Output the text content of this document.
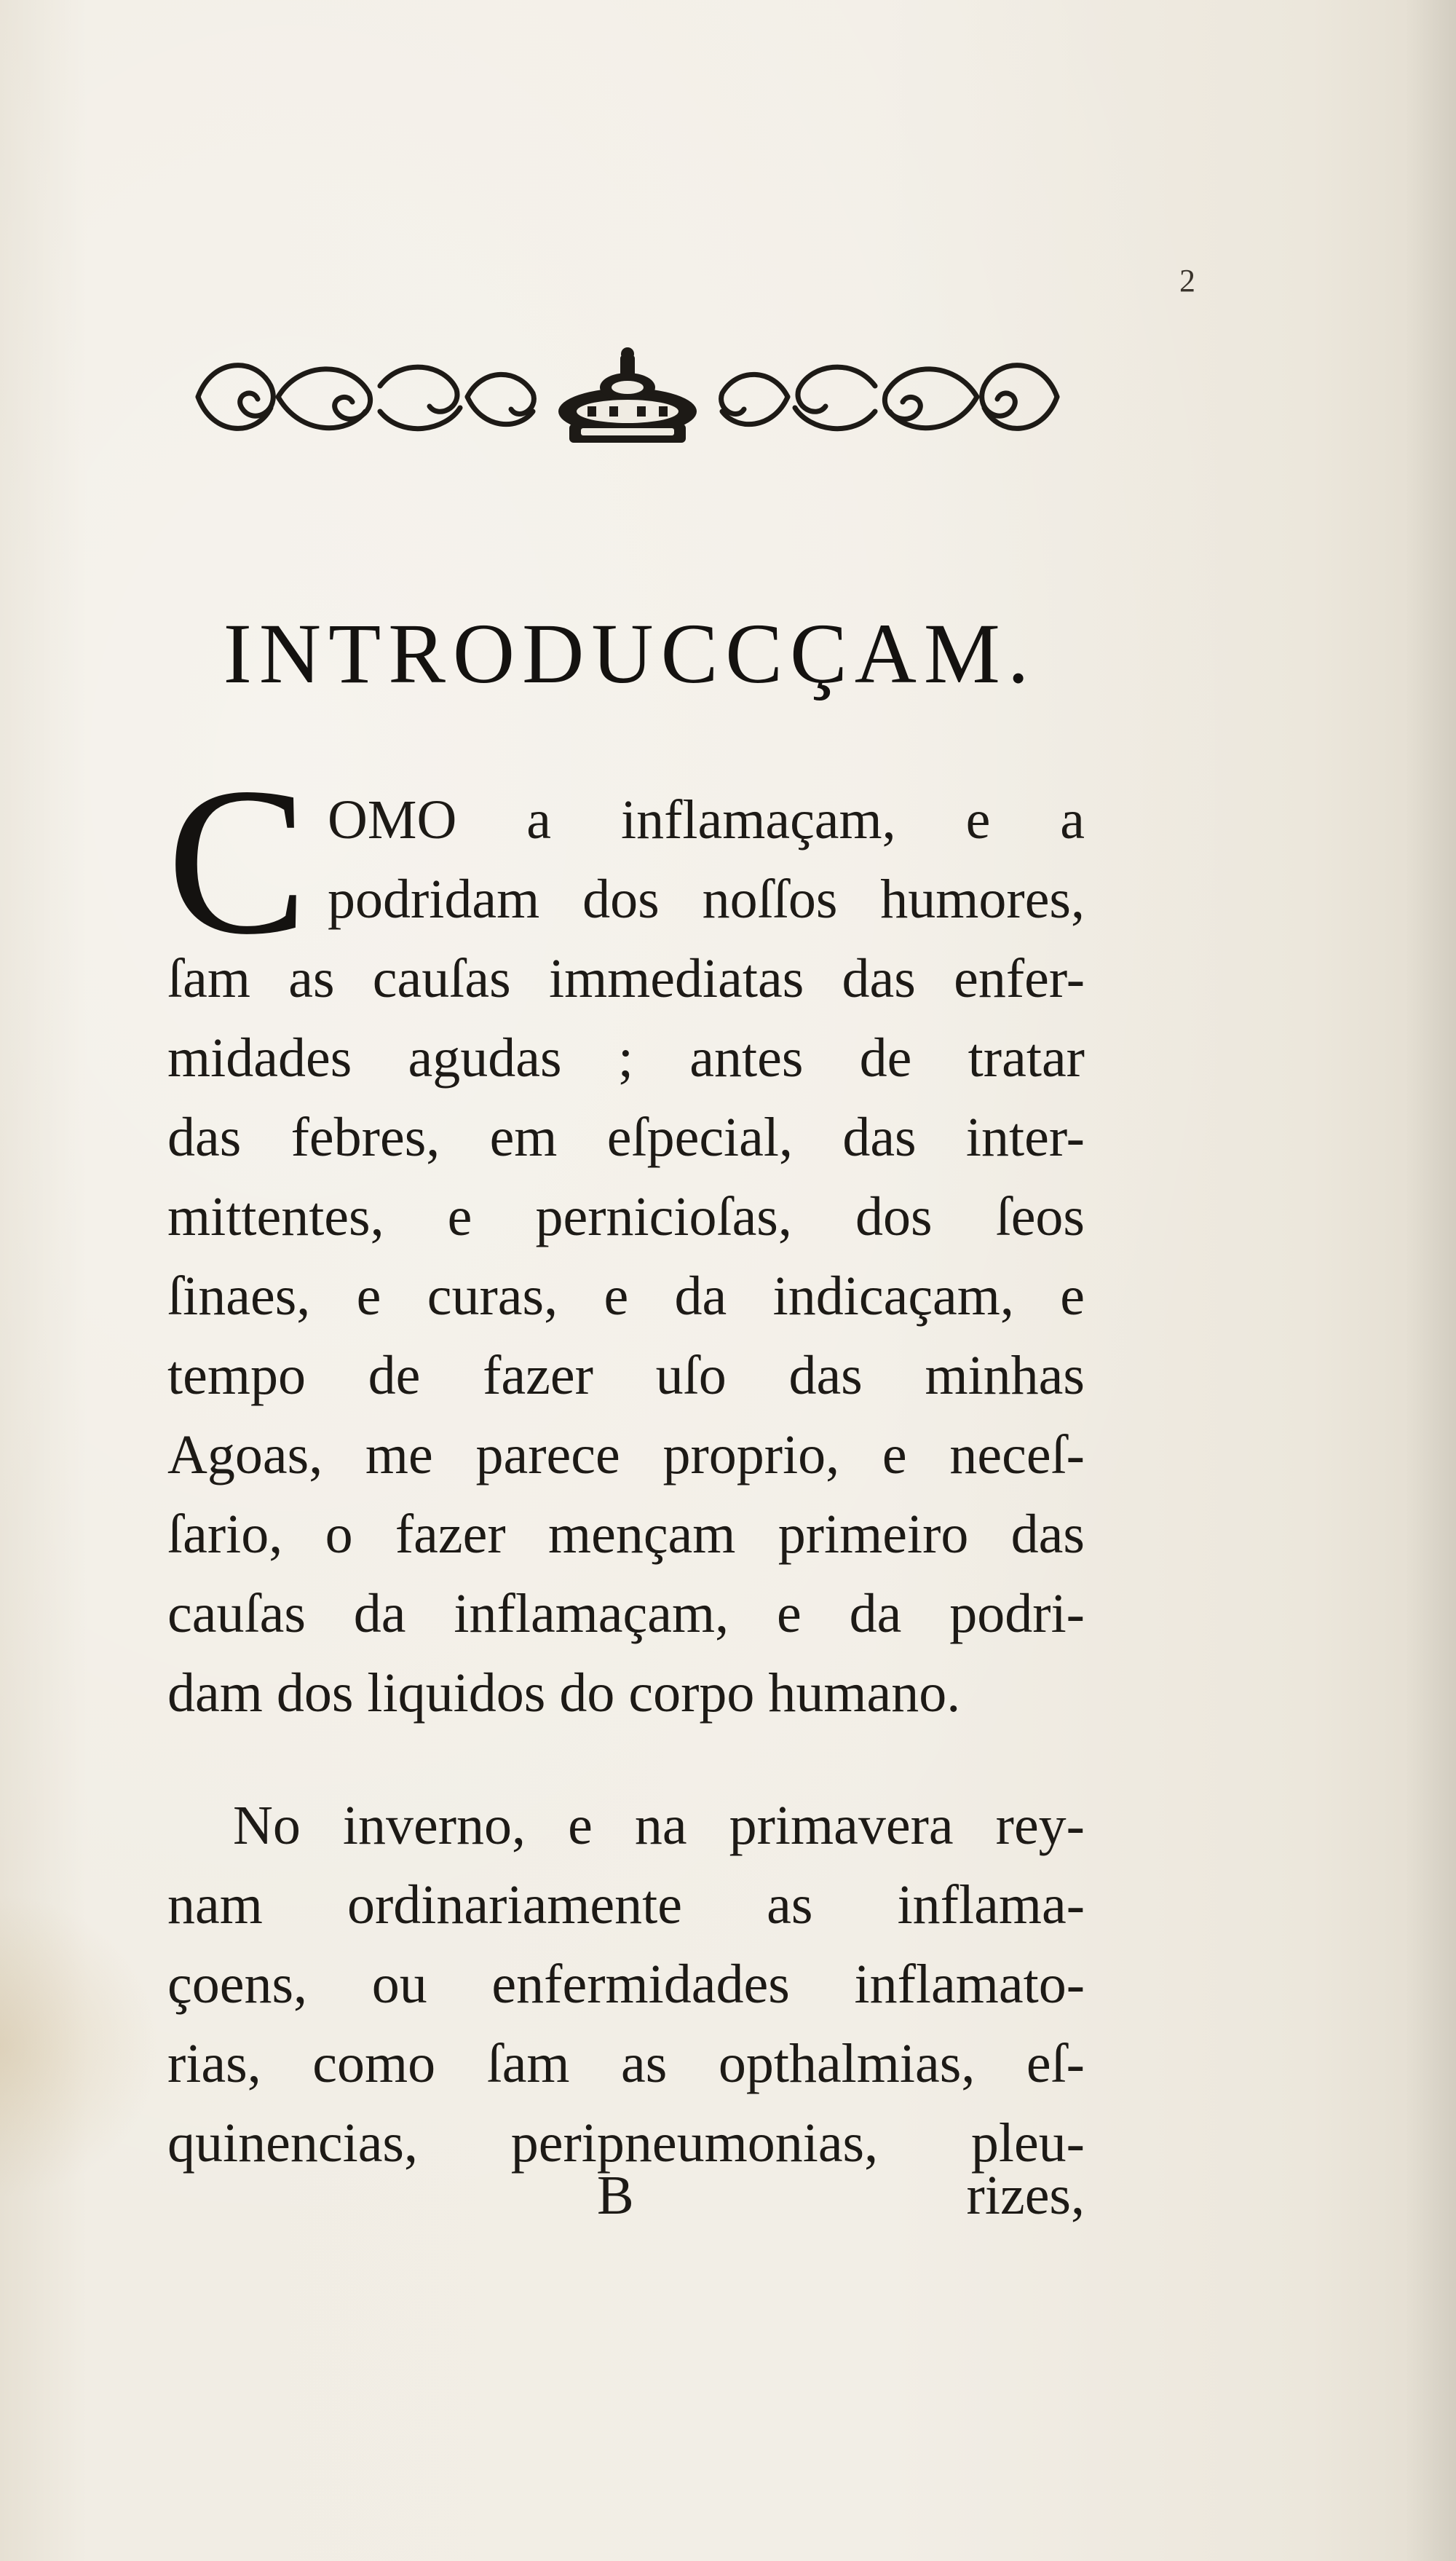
2
INTRODUCCÇAM.
C OMO a inflamaçam, e a
podridam dos noſſos humores,
ſam as cauſas immediatas das enfer-
midades agudas ; antes de tratar
das febres, em eſpecial, das inter-
mittentes, e pernicioſas, dos ſeos
ſinaes, e curas, e da indicaçam, e
tempo de fazer uſo das minhas
Agoas, me parece proprio, e neceſ-
ſario, o fazer mençam primeiro das
cauſas da inflamaçam, e da podri-
dam dos liquidos do corpo humano.
No inverno, e na primavera rey-
nam ordinariamente as inflama-
çoens, ou enfermidades inflamato-
rias, como ſam as opthalmias, eſ-
quinencias, peripneumonias, pleu-
B	rizes,
